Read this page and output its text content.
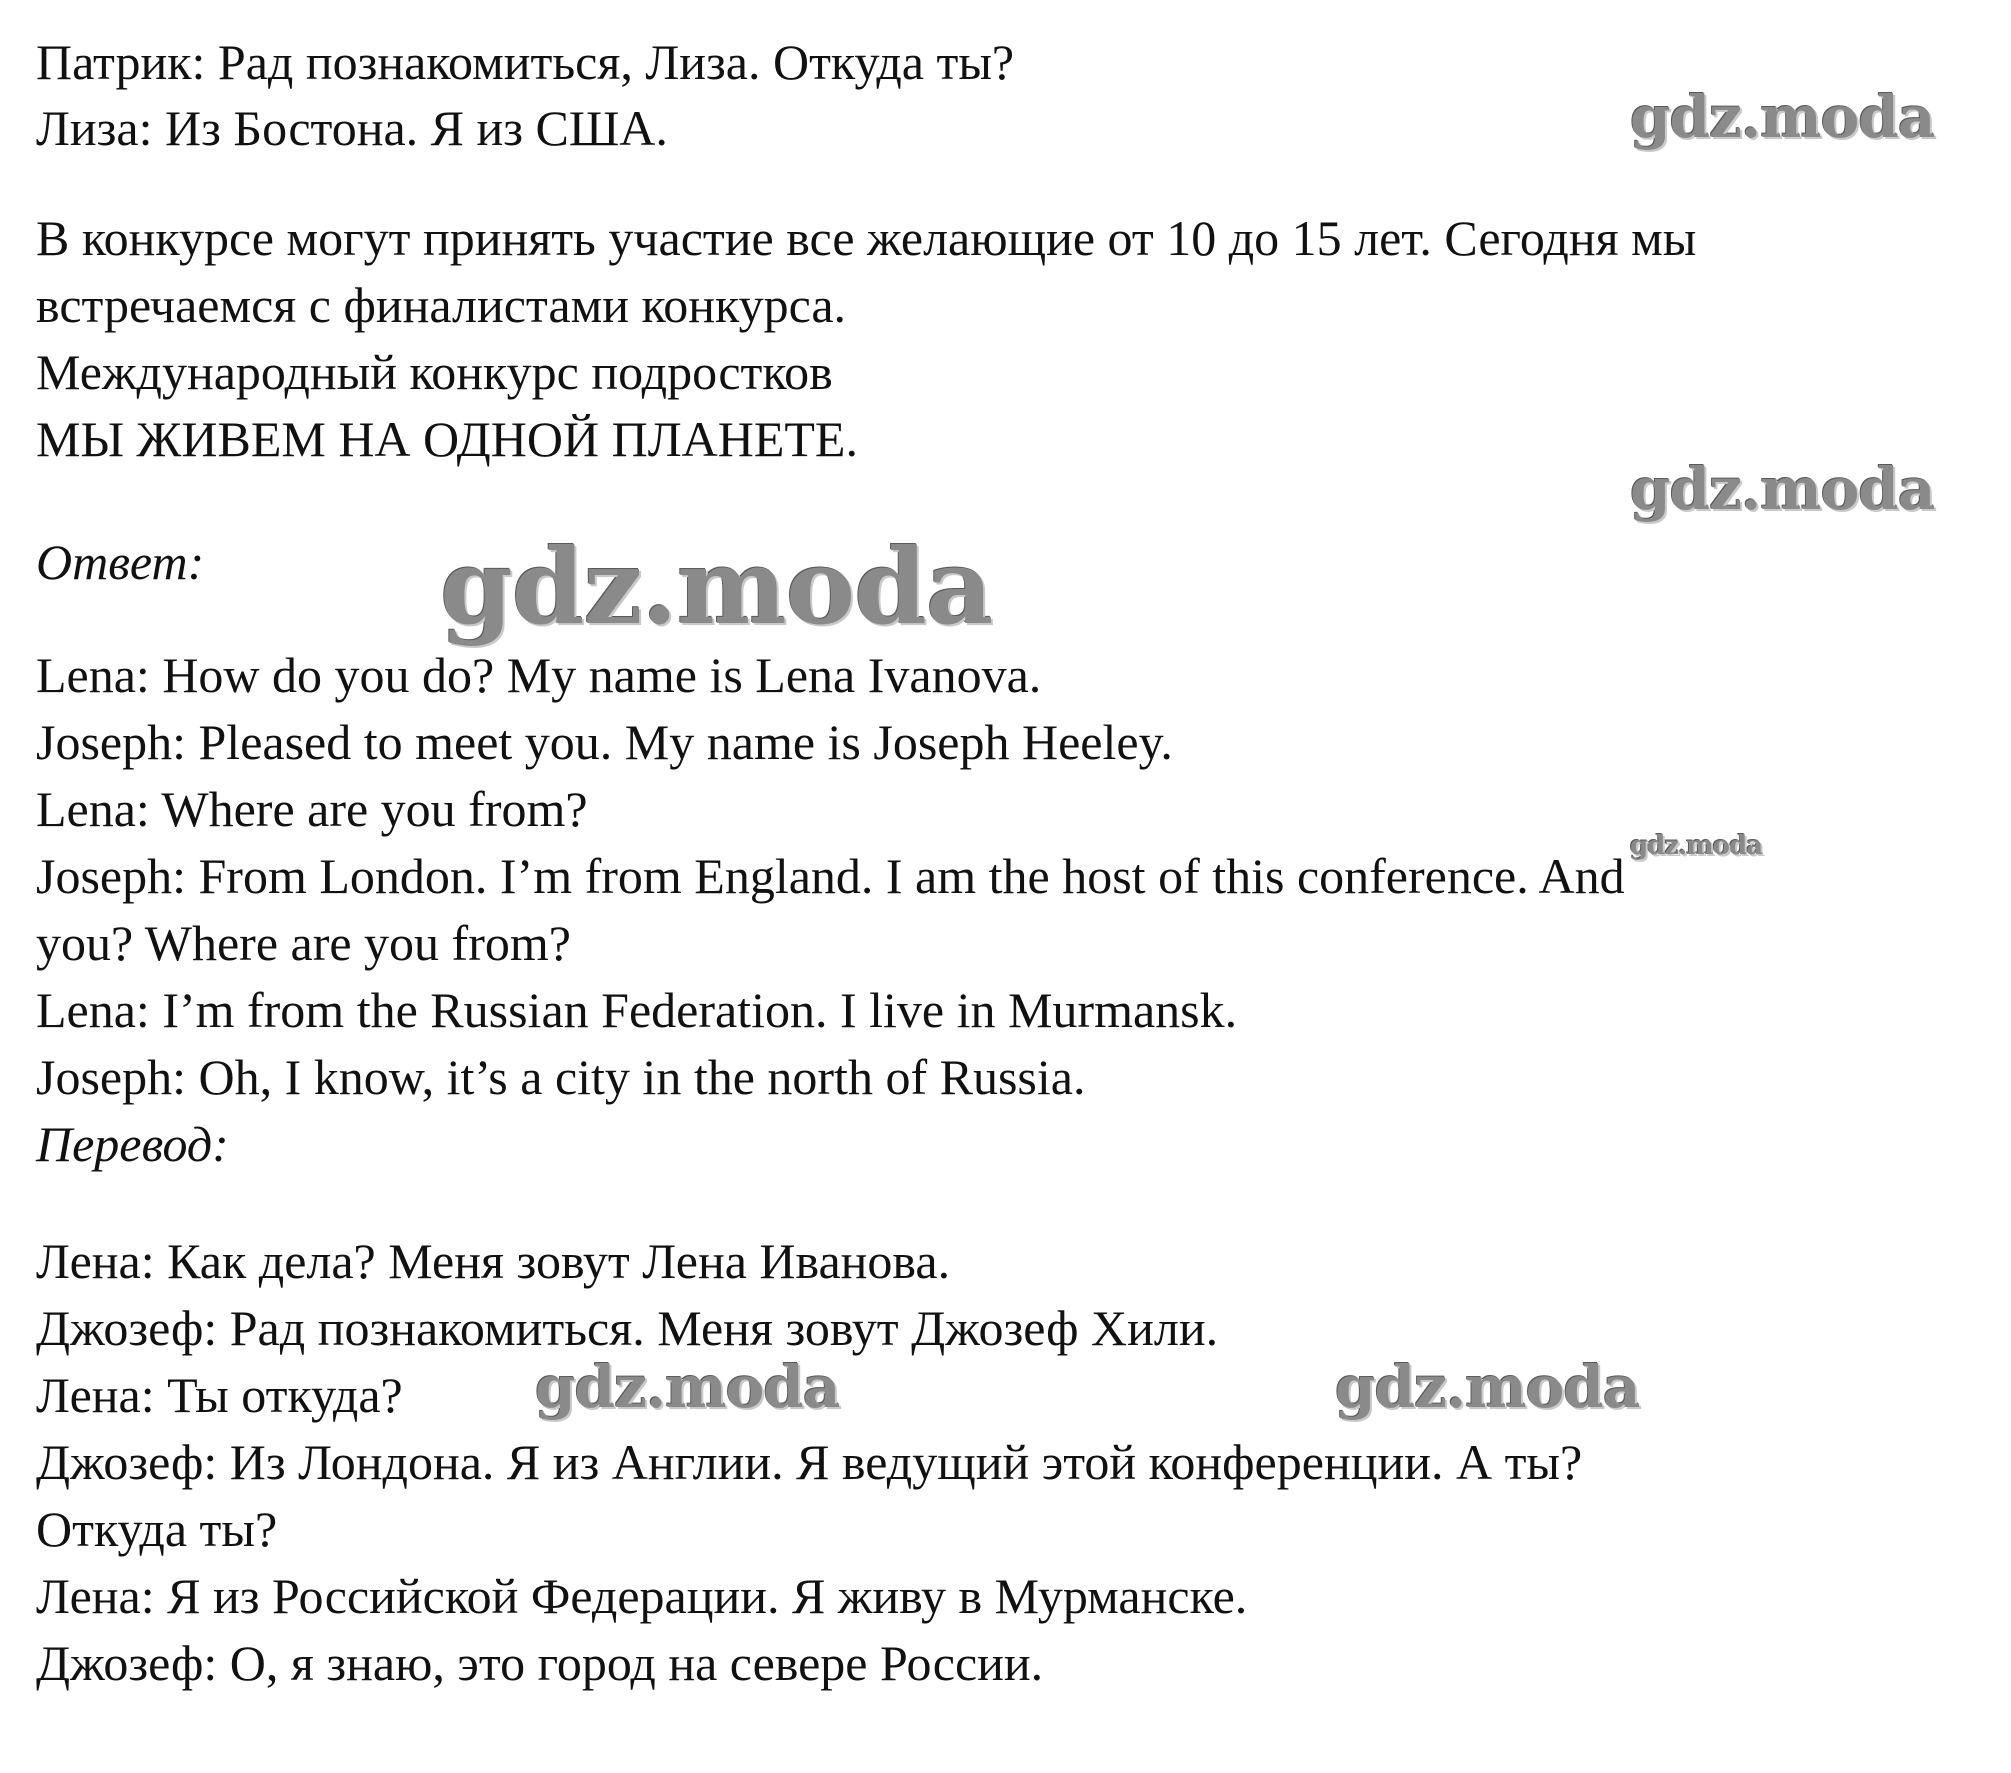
Патрик: Рад познакомиться, Лиза. Откуда ты?
Лиза: Из Бостона. Я из США.
В конкурсе могут принять участие все желающие от 10 до 15 лет. Сегодня мы
встречаемся с финалистами конкурса.
Международный конкурс подростков
МЫ ЖИВЕМ НА ОДНОЙ ПЛАНЕТЕ.
Ответ:
Lena: How do you do? My name is Lena Ivanova.
Joseph: Pleased to meet you. My name is Joseph Heeley.
Lena: Where are you from?
Joseph: From London. I’m from England. I am the host of this conference. And
you? Where are you from?
Lena: I’m from the Russian Federation. I live in Murmansk.
Joseph: Oh, I know, it’s a city in the north of Russia.
Перевод:
Лена: Как дела? Меня зовут Лена Иванова.
Джозеф: Рад познакомиться. Меня зовут Джозеф Хили.
Лена: Ты откуда?
Джозеф: Из Лондона. Я из Англии. Я ведущий этой конференции. А ты?
Откуда ты?
Лена: Я из Российской Федерации. Я живу в Мурманске.
Джозеф: О, я знаю, это город на севере России.
gdz.moda
gdz.moda
gdz.moda
gdz.moda
gdz.moda	gdz.moda
